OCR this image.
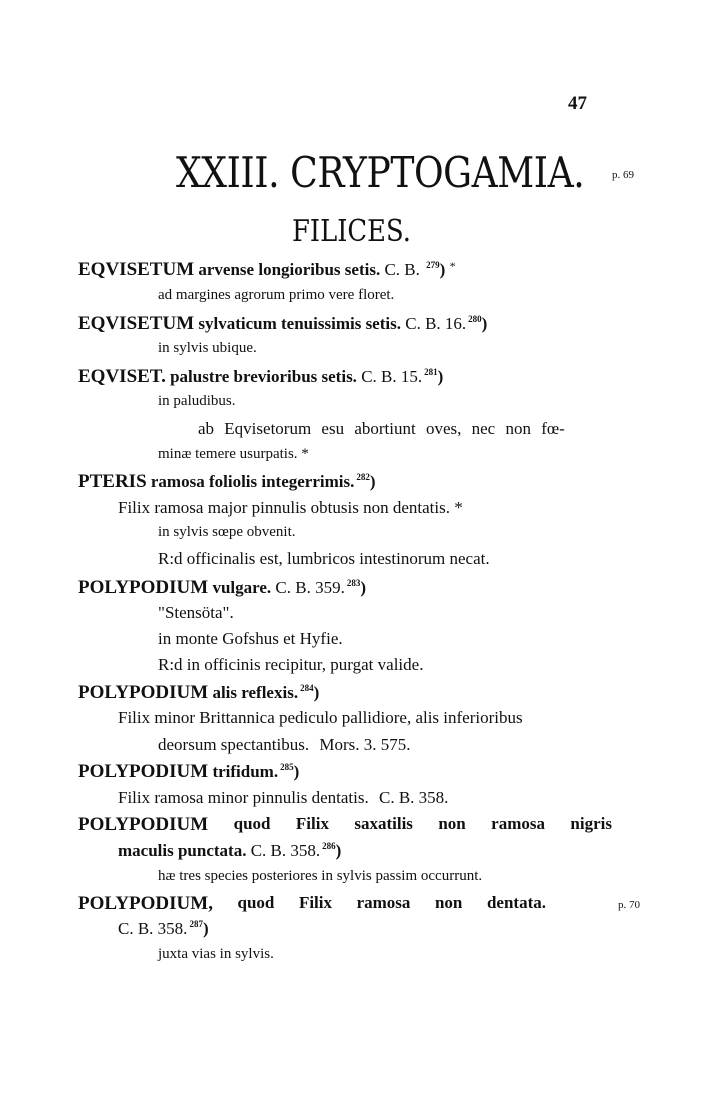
47
XXIII. CRYPTOGAMIA.	p. 69
FILICES.
EQVISETUM arvense longioribus setis. C. B. $^{279}$) *
ad margines agrorum primo vere floret.
EQVISETUM sylvaticum tenuissimis setis. C. B. 16. $^{280}$)
in sylvis ubique.
EQVISET. palustre brevioribus setis. C. B. 15. $^{281}$)
in paludibus.
ab Eqvisetorum esu abortiunt oves, nec non fœ-
minæ temere usurpatis. *
PTERIS ramosa foliolis integerrimis. $^{282}$)
Filix ramosa major pinnulis obtusis non dentatis. *
in sylvis sœpe obvenit.
R:d officinalis est, lumbricos intestinorum necat.
POLYPODIUM vulgare. C. B. 359. $^{283}$)
"Stensöta".
in monte Gofshus et Hyfie.
R:d in officinis recipitur, purgat valide.
POLYPODIUM alis reflexis. $^{284}$)
Filix minor Brittannica pediculo pallidiore, alis inferioribus
deorsum spectantibus. Mors. 3. 575.
POLYPODIUM trifidum. $^{285}$)
Filix ramosa minor pinnulis dentatis. C. B. 358.
POLYPODIUM quod Filix saxatilis non ramosa nigris
maculis punctata. C. B. 358. $^{286}$)
hæ tres species posteriores in sylvis passim occurrunt.
POLYPODIUM, quod Filix ramosa non dentata.	p. 70
C. B. 358. $^{287}$)
juxta vias in sylvis.
